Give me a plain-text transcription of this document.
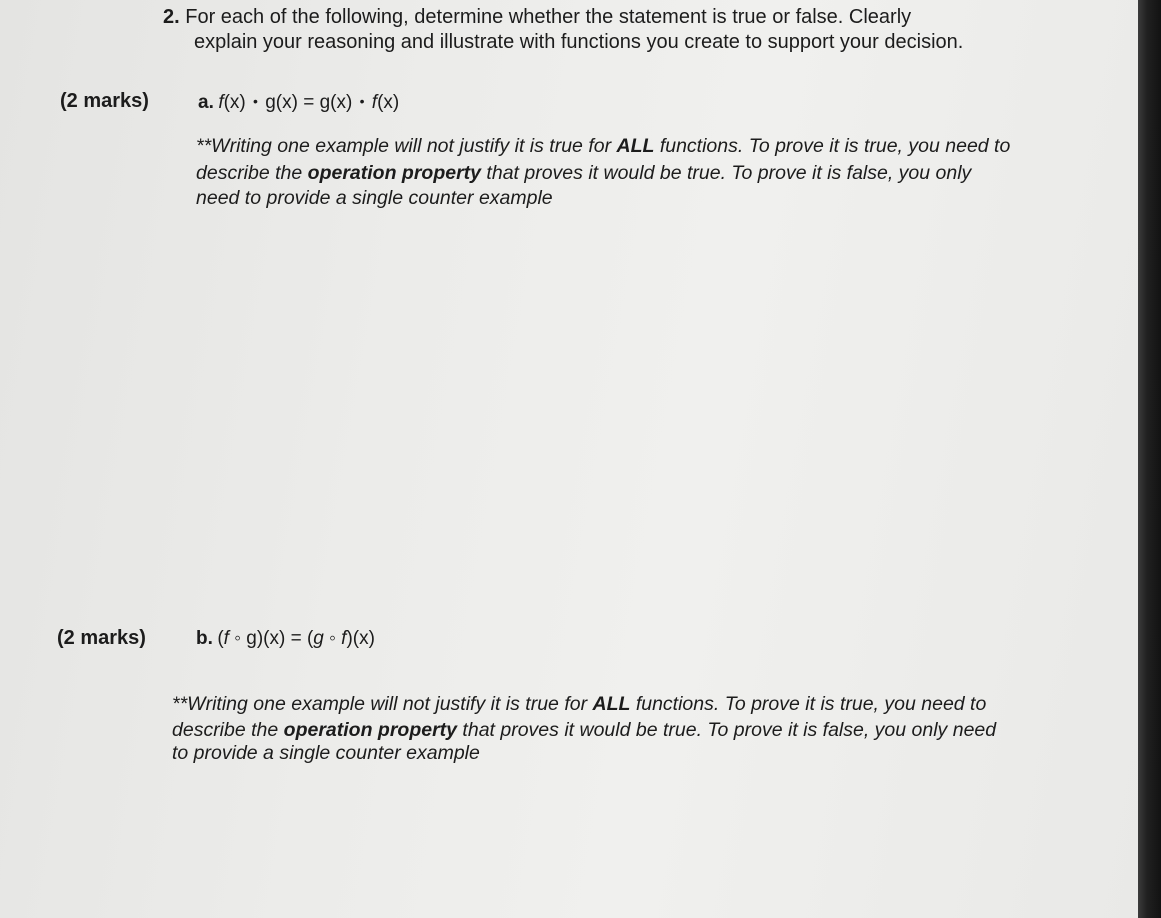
2. For each of the following, determine whether the statement is true or false. Clearly
explain your reasoning and illustrate with functions you create to support your decision.
(2 marks)	a. f(x) • g(x) = g(x) • f(x)
**Writing one example will not justify it is true for ALL functions. To prove it is true, you need to
describe the operation property that proves it would be true. To prove it is false, you only
need to provide a single counter example
(2 marks)	b. (f ◦ g)(x) = (g ◦ f)(x)
**Writing one example will not justify it is true for ALL functions. To prove it is true, you need to
describe the operation property that proves it would be true. To prove it is false, you only need
to provide a single counter example
